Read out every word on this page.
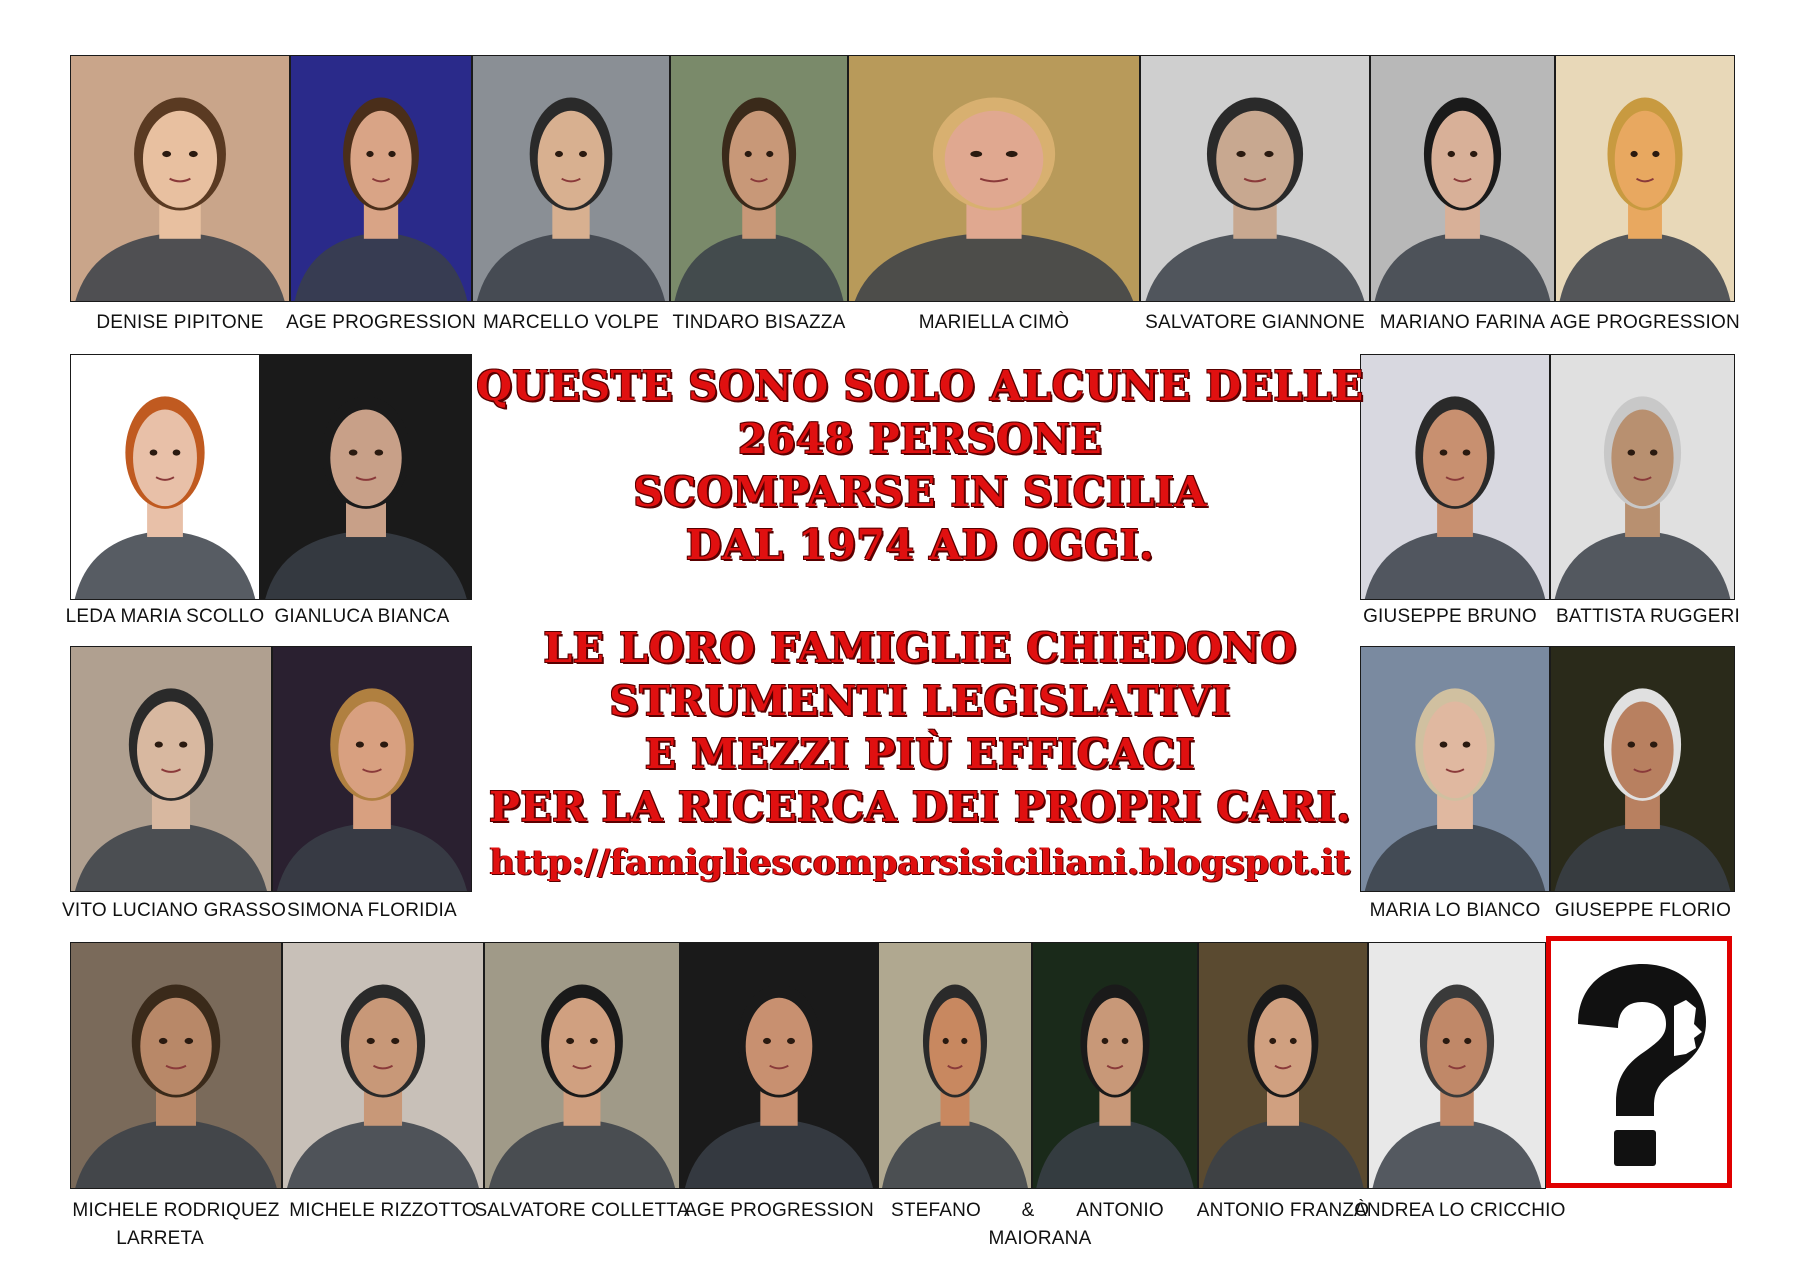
DENISE PIPITONE	AGE PROGRESSION MARCELLO VOLPE TINDARO BISAZZA	MARIELLA CIMÒ	SALVATORE GIANNONE MARIANO FARINA AGE PROGRESSION
LEDA MARIA SCOLLO GIANLUCA BIANCA	GIUSEPPE BRUNO	BATTISTA RUGGERI
VITO LUCIANO GRASSO SIMONA FLORIDIA	MARIA LO BIANCO GIUSEPPE FLORIO
MICHELE RODRIQUEZ MICHELE RIZZOTTO
SALVATORE COLLETTA
AGE PROGRESSION	ANTONIO FRANZÒ
ANDREA LO CRICCHIO
STEFANO	&	ANTONIO
MAIORANA
LARRETA
QUESTE SONO SOLO ALCUNE DELLE
2648 PERSONE
SCOMPARSE IN SICILIA
DAL 1974 AD OGGI.
LE LORO FAMIGLIE CHIEDONO
STRUMENTI LEGISLATIVI
E MEZZI PIÙ EFFICACI
PER LA RICERCA DEI PROPRI CARI.
http://famigliescomparsisiciliani.blogspot.it
